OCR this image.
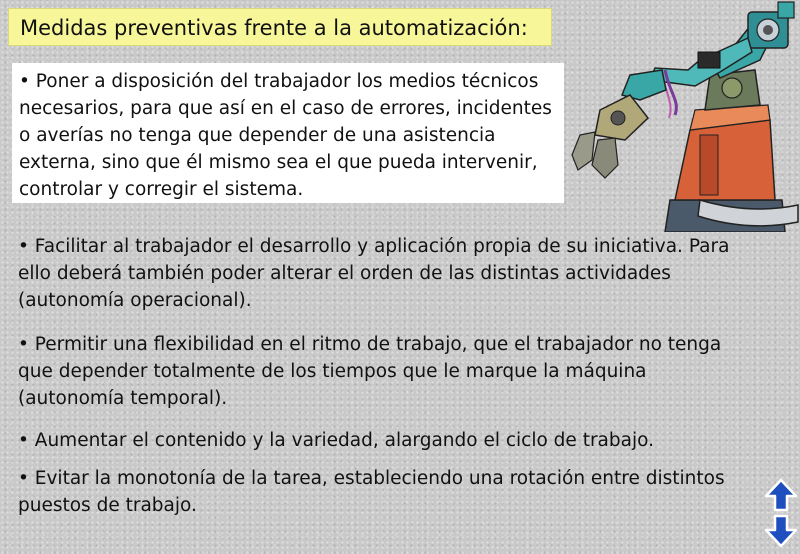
Medidas preventivas frente a la automatización:
• Poner a disposición del trabajador los medios técnicos necesarios, para que así en el caso de errores, incidentes o averías no tenga que depender de una asistencia externa, sino que él mismo sea el que pueda intervenir, controlar y corregir el sistema.

• Facilitar al trabajador el desarrollo y aplicación propia de su iniciativa. Para ello deberá también poder alterar el orden de las distintas actividades (autonomía operacional).

• Permitir una flexibilidad en el ritmo de trabajo, que el trabajador no tenga que depender totalmente de los tiempos que le marque la máquina (autonomía temporal).

• Aumentar el contenido y la variedad, alargando el ciclo de trabajo.

• Evitar la monotonía de la tarea, estableciendo una rotación entre distintos puestos de trabajo.
